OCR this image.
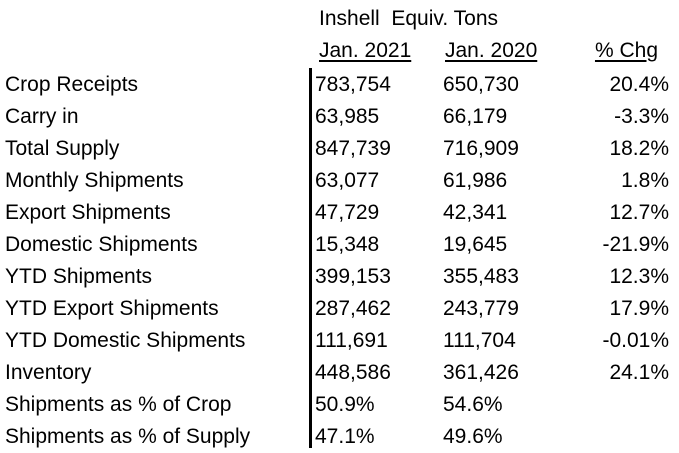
Inshell  Equiv. Tons
Jan. 2021 Jan. 2020	% Chg
Crop Receipts	783,754 650,730	20.4%
Carry in	63,985	66,179	-3.3%
Total Supply	847,739 716,909	18.2%
Monthly Shipments	63,077	61,986	1.8%
Export Shipments	47,729	42,341	12.7%
Domestic Shipments	15,348	19,645	-21.9%
YTD Shipments	399,153 355,483	12.3%
YTD Export Shipments	287,462 243,779	17.9%
YTD Domestic Shipments	111,691	111,704	-0.01%
Inventory	448,586 361,426	24.1%
Shipments as % of Crop	50.9%	54.6%
Shipments as % of Supply	47.1%	49.6%
